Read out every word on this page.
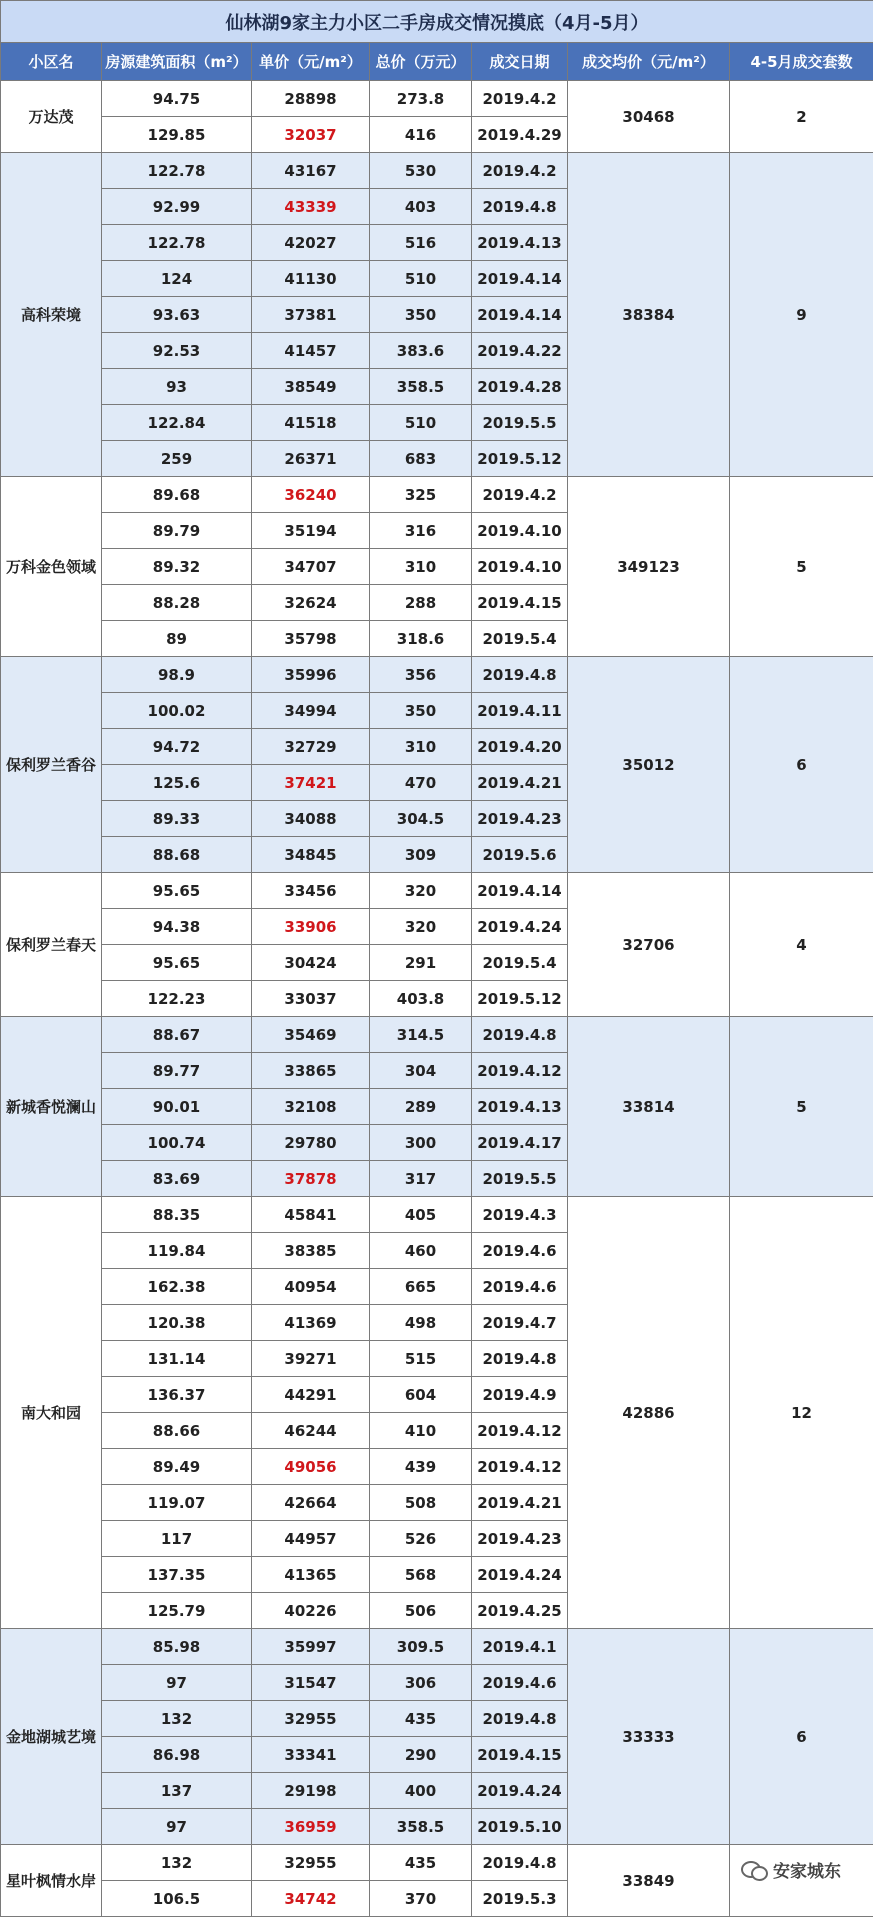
仙林湖9家主力小区二手房成交情况摸底（4月-5月）						
小区名	房源建筑面积（m²）	单价（元/m²）	总价（万元）	成交日期	成交均价（元/m²）	4-5月成交套数
万达茂	94.75	28898	273.8	2019.4.2	30468	2
	129.85	32037	416	2019.4.29		
高科荣境	122.78	43167	530	2019.4.2	38384	9
	92.99	43339	403	2019.4.8		
	122.78	42027	516	2019.4.13		
	124	41130	510	2019.4.14		
	93.63	37381	350	2019.4.14		
	92.53	41457	383.6	2019.4.22		
	93	38549	358.5	2019.4.28		
	122.84	41518	510	2019.5.5		
	259	26371	683	2019.5.12		
万科金色领域	89.68	36240	325	2019.4.2	349123	5
	89.79	35194	316	2019.4.10		
	89.32	34707	310	2019.4.10		
	88.28	32624	288	2019.4.15		
	89	35798	318.6	2019.5.4		
保利罗兰香谷	98.9	35996	356	2019.4.8	35012	6
	100.02	34994	350	2019.4.11		
	94.72	32729	310	2019.4.20		
	125.6	37421	470	2019.4.21		
	89.33	34088	304.5	2019.4.23		
	88.68	34845	309	2019.5.6		
保利罗兰春天	95.65	33456	320	2019.4.14	32706	4
	94.38	33906	320	2019.4.24		
	95.65	30424	291	2019.5.4		
	122.23	33037	403.8	2019.5.12		
新城香悦澜山	88.67	35469	314.5	2019.4.8	33814	5
	89.77	33865	304	2019.4.12		
	90.01	32108	289	2019.4.13		
	100.74	29780	300	2019.4.17		
	83.69	37878	317	2019.5.5		
南大和园	88.35	45841	405	2019.4.3	42886	12
	119.84	38385	460	2019.4.6		
	162.38	40954	665	2019.4.6		
	120.38	41369	498	2019.4.7		
	131.14	39271	515	2019.4.8		
	136.37	44291	604	2019.4.9		
	88.66	46244	410	2019.4.12		
	89.49	49056	439	2019.4.12		
	119.07	42664	508	2019.4.21		
	117	44957	526	2019.4.23		
	137.35	41365	568	2019.4.24		
	125.79	40226	506	2019.4.25		
金地湖城艺境	85.98	35997	309.5	2019.4.1	33333	6
	97	31547	306	2019.4.6		
	132	32955	435	2019.4.8		
	86.98	33341	290	2019.4.15		
	137	29198	400	2019.4.24		
	97	36959	358.5	2019.5.10		
星叶枫情水岸	132	32955	435	2019.4.8	33849	
	106.5	34742	370	2019.5.3		
安家城东
